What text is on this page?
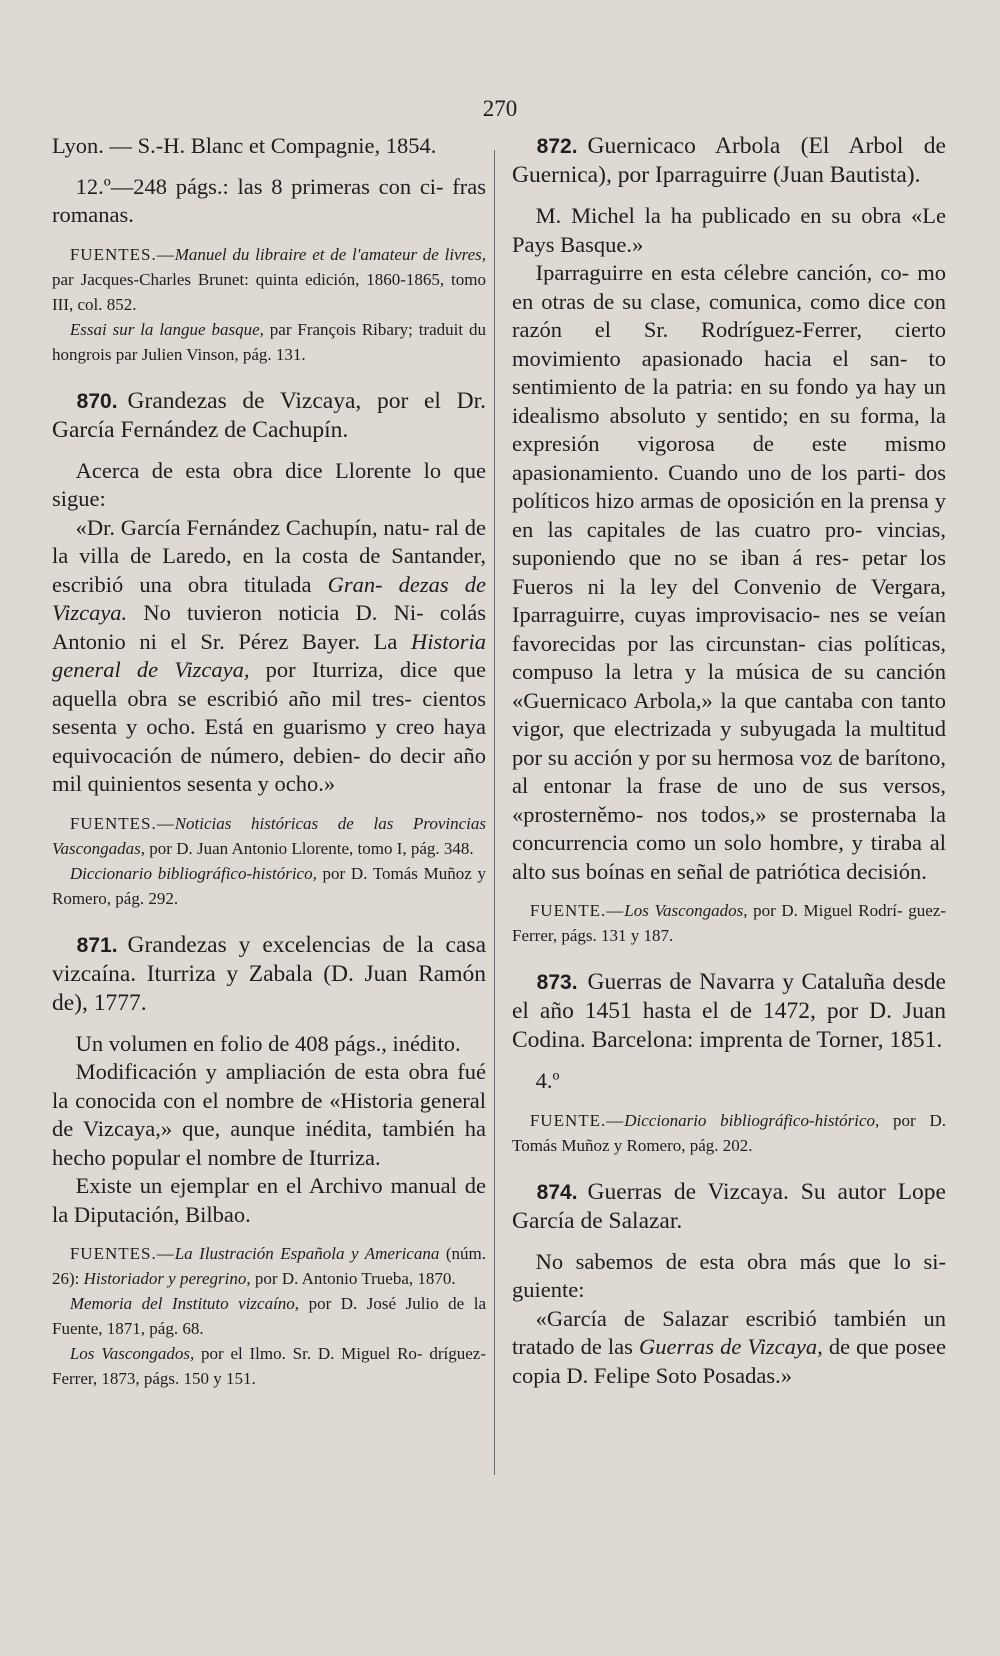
270

Lyon. — S.-H. Blanc et Compagnie, 1854.

12.º—248 págs.: las 8 primeras con ci- fras romanas.

FUENTES.—Manuel du libraire et de l'amateur de livres, par Jacques-Charles Brunet: quinta edición, 1860-1865, tomo III, col. 852.

Essai sur la langue basque, par François Ribary; traduit du hongrois par Julien Vinson, pág. 131.

870. Grandezas de Vizcaya, por el Dr. García Fernández de Cachupín.

Acerca de esta obra dice Llorente lo que sigue:

«Dr. García Fernández Cachupín, natu- ral de la villa de Laredo, en la costa de Santander, escribió una obra titulada Gran- dezas de Vizcaya. No tuvieron noticia D. Ni- colás Antonio ni el Sr. Pérez Bayer. La Historia general de Vizcaya, por Iturriza, dice que aquella obra se escribió año mil tres- cientos sesenta y ocho. Está en guarismo y creo haya equivocación de número, debien- do decir año mil quinientos sesenta y ocho.»

FUENTES.—Noticias históricas de las Provincias Vascongadas, por D. Juan Antonio Llorente, tomo I, pág. 348.

Diccionario bibliográfico-histórico, por D. Tomás Muñoz y Romero, pág. 292.

871. Grandezas y excelencias de la casa vizcaína. Iturriza y Zabala (D. Juan Ramón de), 1777.

Un volumen en folio de 408 págs., inédito.

Modificación y ampliación de esta obra fué la conocida con el nombre de «Historia general de Vizcaya,» que, aunque inédita, también ha hecho popular el nombre de Iturriza.

Existe un ejemplar en el Archivo manual de la Diputación, Bilbao.

FUENTES.—La Ilustración Española y Americana (núm. 26): Historiador y peregrino, por D. Antonio Trueba, 1870.

Memoria del Instituto vizcaíno, por D. José Julio de la Fuente, 1871, pág. 68.

Los Vascongados, por el Ilmo. Sr. D. Miguel Ro- dríguez-Ferrer, 1873, págs. 150 y 151.

872. Guernicaco Arbola (El Arbol de Guernica), por Iparraguirre (Juan Bautista).

M. Michel la ha publicado en su obra «Le Pays Basque.»

Iparraguirre en esta célebre canción, co- mo en otras de su clase, comunica, como dice con razón el Sr. Rodríguez-Ferrer, cierto movimiento apasionado hacia el san- to sentimiento de la patria: en su fondo ya hay un idealismo absoluto y sentido; en su forma, la expresión vigorosa de este mismo apasionamiento. Cuando uno de los parti- dos políticos hizo armas de oposición en la prensa y en las capitales de las cuatro pro- vincias, suponiendo que no se iban á res- petar los Fueros ni la ley del Convenio de Vergara, Iparraguirre, cuyas improvisacio- nes se veían favorecidas por las circunstan- cias políticas, compuso la letra y la música de su canción «Guernicaco Arbola,» la que cantaba con tanto vigor, que electrizada y subyugada la multitud por su acción y por su hermosa voz de barítono, al entonar la frase de uno de sus versos, «prosterněmo- nos todos,» se prosternaba la concurrencia como un solo hombre, y tiraba al alto sus boínas en señal de patriótica decisión.

FUENTE.—Los Vascongados, por D. Miguel Rodrí- guez-Ferrer, págs. 131 y 187.

873. Guerras de Navarra y Cataluña desde el año 1451 hasta el de 1472, por D. Juan Codina. Barcelona: imprenta de Torner, 1851.

4.º

FUENTE.—Diccionario bibliográfico-histórico, por D. Tomás Muñoz y Romero, pág. 202.

874. Guerras de Vizcaya. Su autor Lope García de Salazar.

No sabemos de esta obra más que lo si- guiente:

«García de Salazar escribió también un tratado de las Guerras de Vizcaya, de que posee copia D. Felipe Soto Posadas.»
